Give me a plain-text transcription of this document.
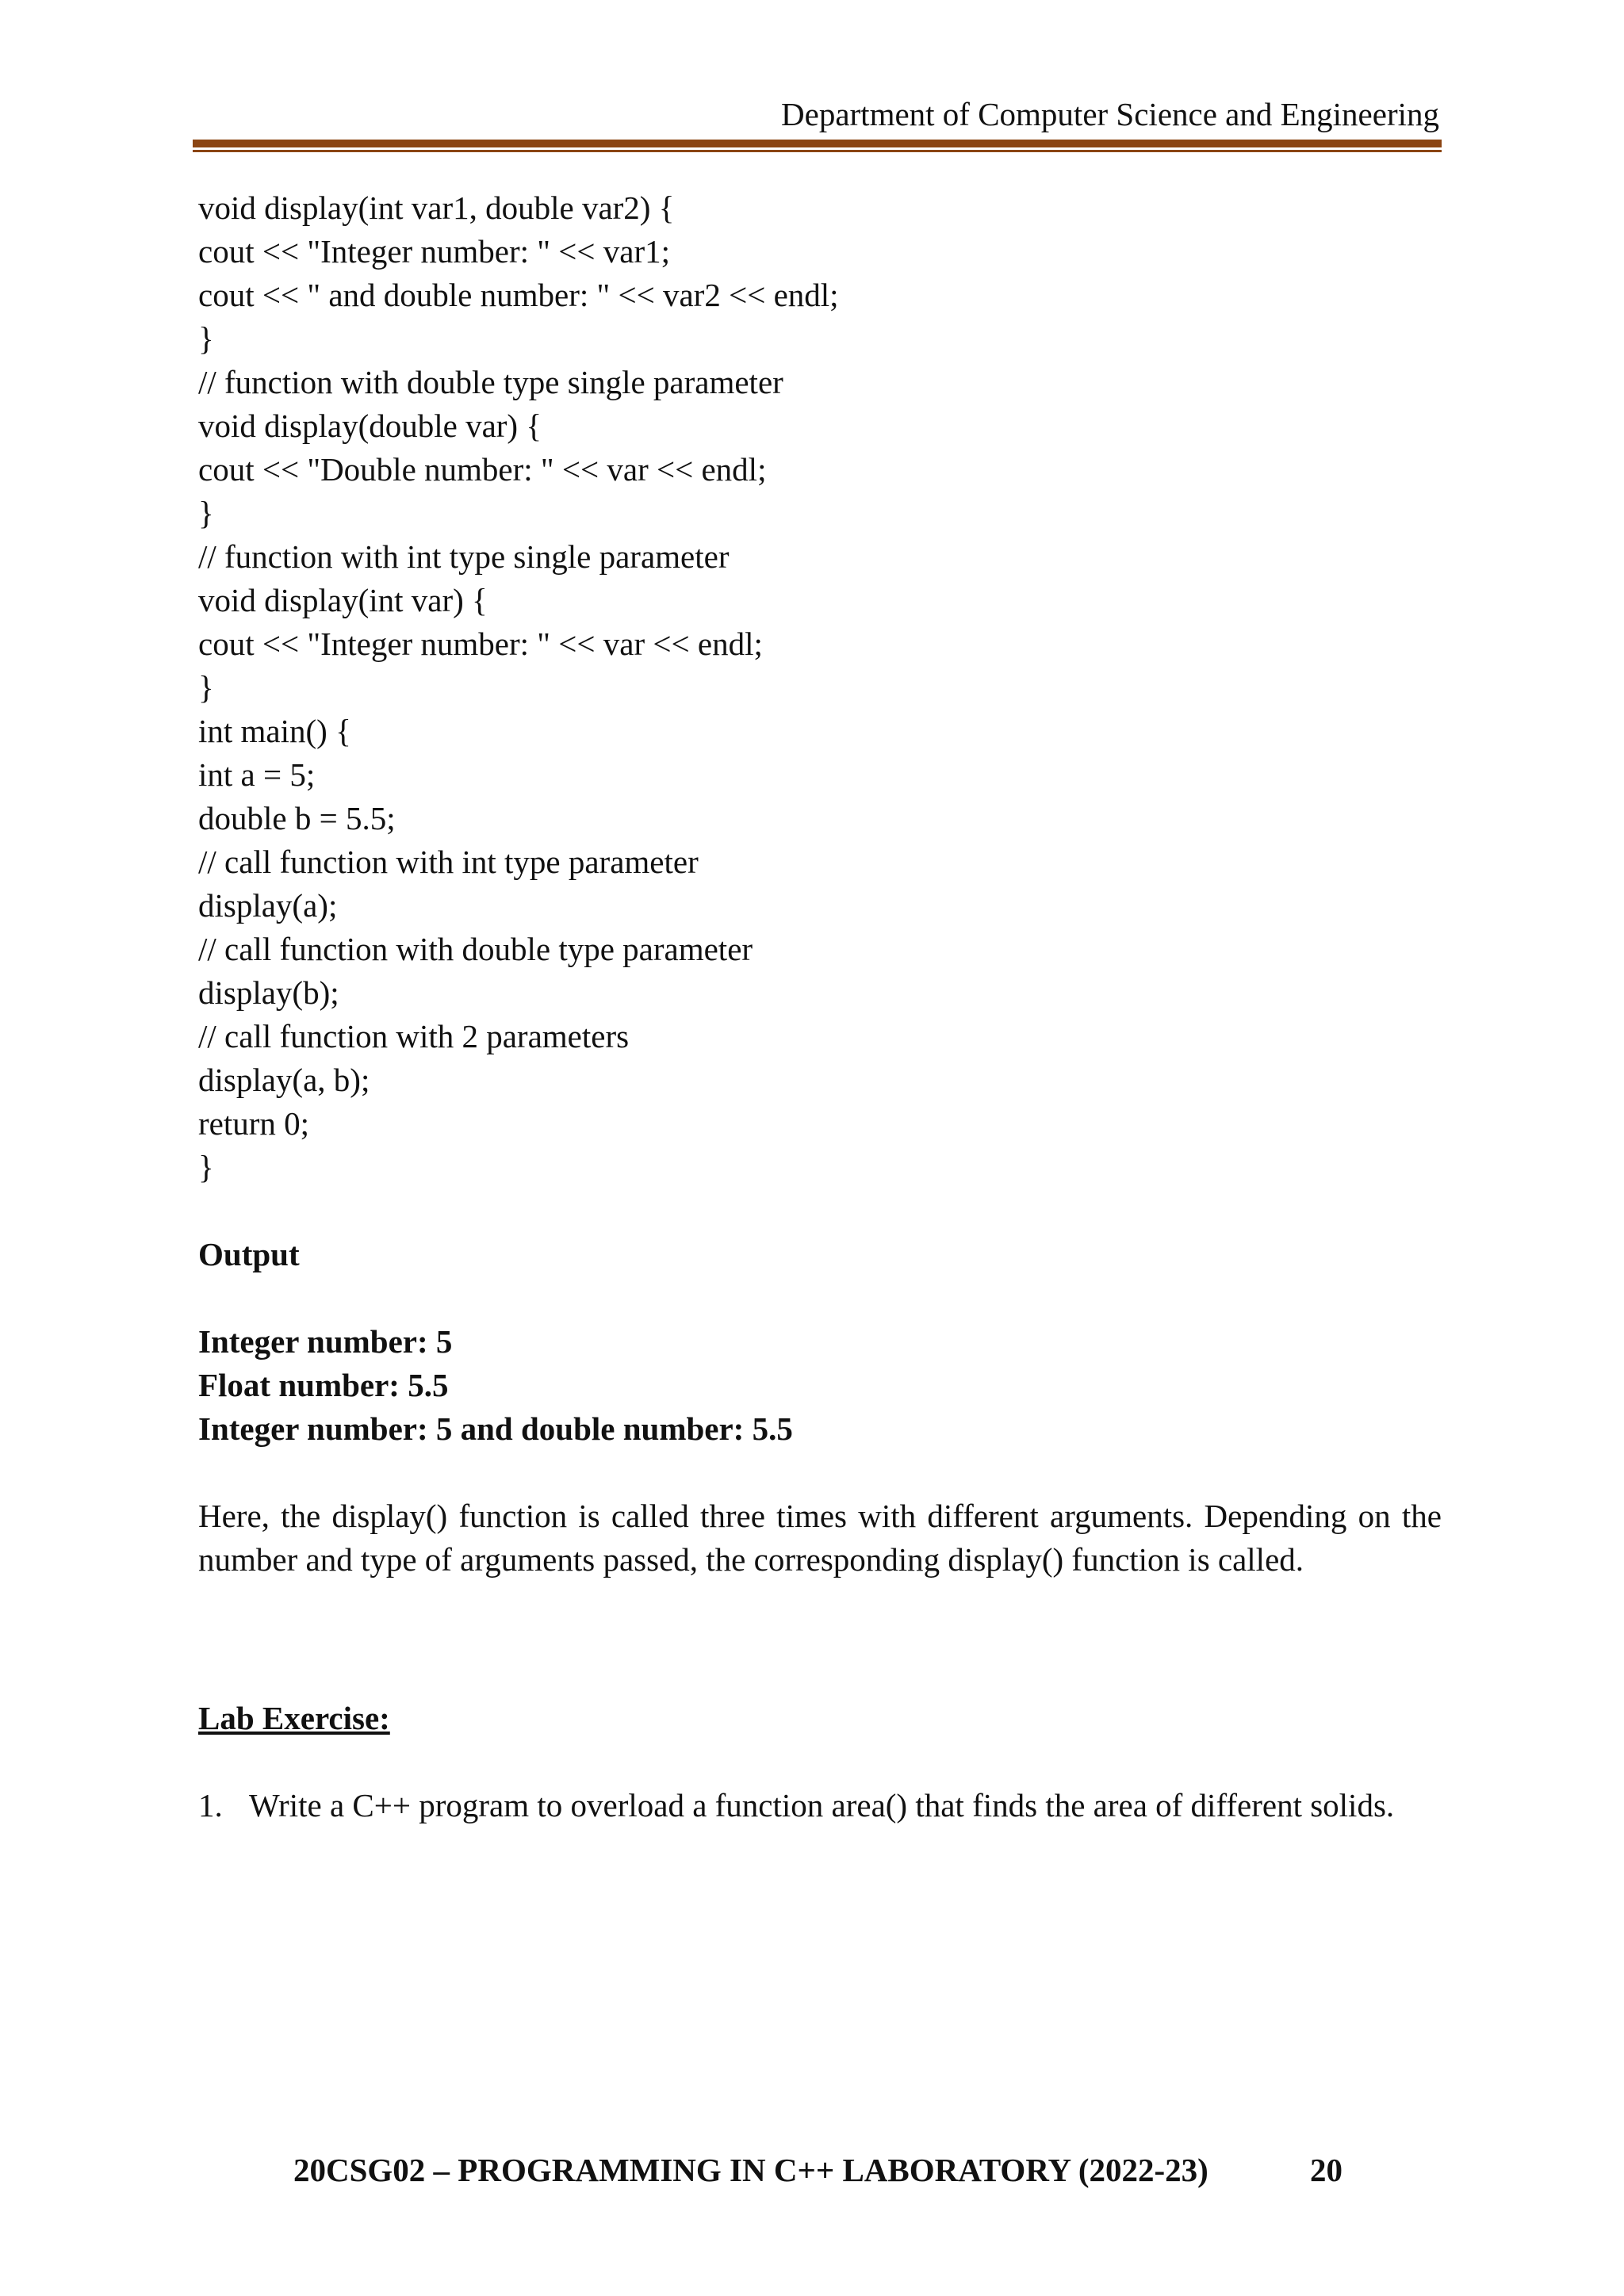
Department of Computer Science and Engineering
void display(int var1, double var2) {
cout << "Integer number: " << var1;
cout << " and double number: " << var2 << endl;
}
// function with double type single parameter
void display(double var) {
cout << "Double number: " << var << endl;
}
// function with int type single parameter
void display(int var) {
cout << "Integer number: " << var << endl;
}
int main() {
int a = 5;
double b = 5.5;
// call function with int type parameter
display(a);
// call function with double type parameter
display(b);
// call function with 2 parameters
display(a, b);
return 0;
}
Output
Integer number: 5
Float number: 5.5
Integer number: 5 and double number: 5.5

Here, the display() function is called three times with different arguments. Depending on the number and type of arguments passed, the corresponding display() function is called.

Lab Exercise:
1. Write a C++ program to overload a function area() that finds the area of different solids.
20CSG02 – PROGRAMMING IN C++ LABORATORY (2022-23)	20
